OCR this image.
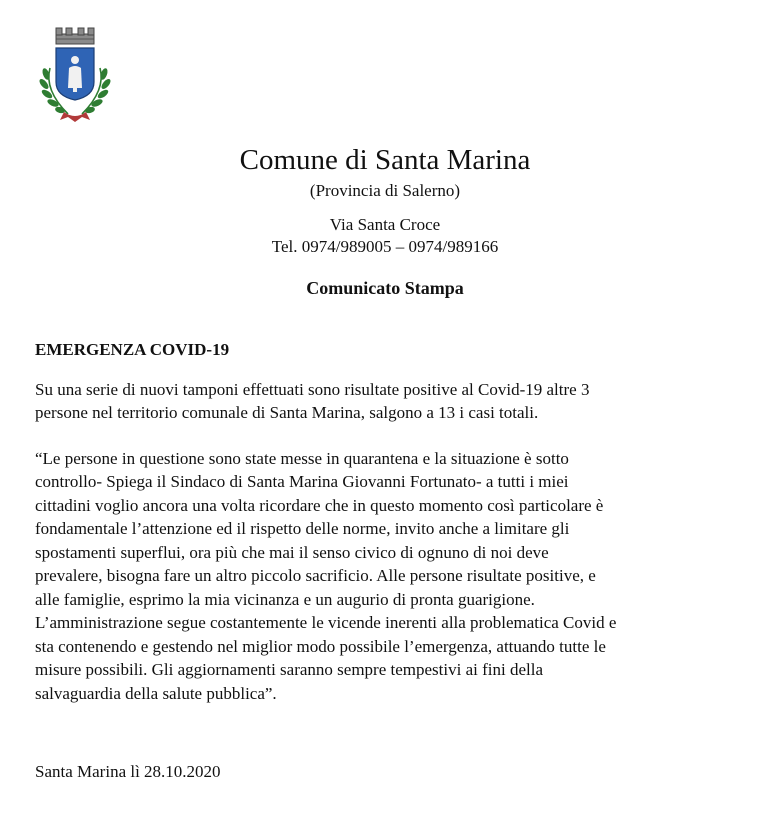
Comune di Santa Marina
(Provincia di Salerno)
Via Santa Croce
Tel. 0974/989005 – 0974/989166
Comunicato Stampa
EMERGENZA COVID-19
Su una serie di nuovi tamponi effettuati sono risultate positive al Covid-19 altre 3
persone nel territorio comunale di Santa Marina, salgono a 13 i casi totali.
“Le persone in questione sono state messe in quarantena e la situazione è sotto
controllo- Spiega il Sindaco di Santa Marina Giovanni Fortunato- a tutti i miei
cittadini voglio ancora una volta ricordare che in questo momento così particolare è
fondamentale l’attenzione ed il rispetto delle norme, invito anche a limitare gli
spostamenti superflui, ora più che mai il senso civico di ognuno di noi deve
prevalere, bisogna fare un altro piccolo sacrificio. Alle persone risultate positive, e
alle famiglie, esprimo la mia vicinanza e un augurio di pronta guarigione.
L’amministrazione segue costantemente le vicende inerenti alla problematica Covid e
sta contenendo e gestendo nel miglior modo possibile l’emergenza, attuando tutte le
misure possibili. Gli aggiornamenti saranno sempre tempestivi ai fini della
salvaguardia della salute pubblica”.
Santa Marina lì 28.10.2020
